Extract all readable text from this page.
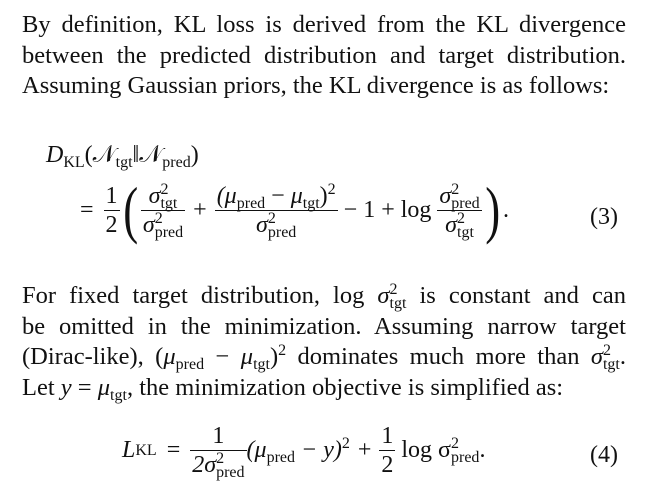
By definition, KL loss is derived from the KL divergence
between the predicted distribution and target distribution.
Assuming Gaussian priors, the KL divergence is as follows:
$D_{KL}(𝒩_{tgt}‖𝒩_{pred})$
= $\frac{1}{2}$ ( $\frac{\sigma^2_{tgt}}{\sigma^2_{pred}} + \frac{(\mu_{pred} - \mu_{tgt})^2}{\sigma^2_{pred}} - 1 + \log \frac{\sigma^2_{pred}}{\sigma^2_{tgt}}$ ) .	(3)
For fixed target distribution, $\log \sigma^2_{tgt}$ is constant and can
be omitted in the minimization. Assuming narrow target
(Dirac-like), $(\mu_{pred} - \mu_{tgt})^2$ dominates much more than $\sigma^2_{tgt}$.
Let $y = \mu_{tgt}$, the minimization objective is simplified as:
L KL = $\frac{1}{2\sigma^2_{pred}} (\mu_{pred} - y)^2 + \frac{1}{2}$ $\log \sigma^2_{pred}$.	(4)
